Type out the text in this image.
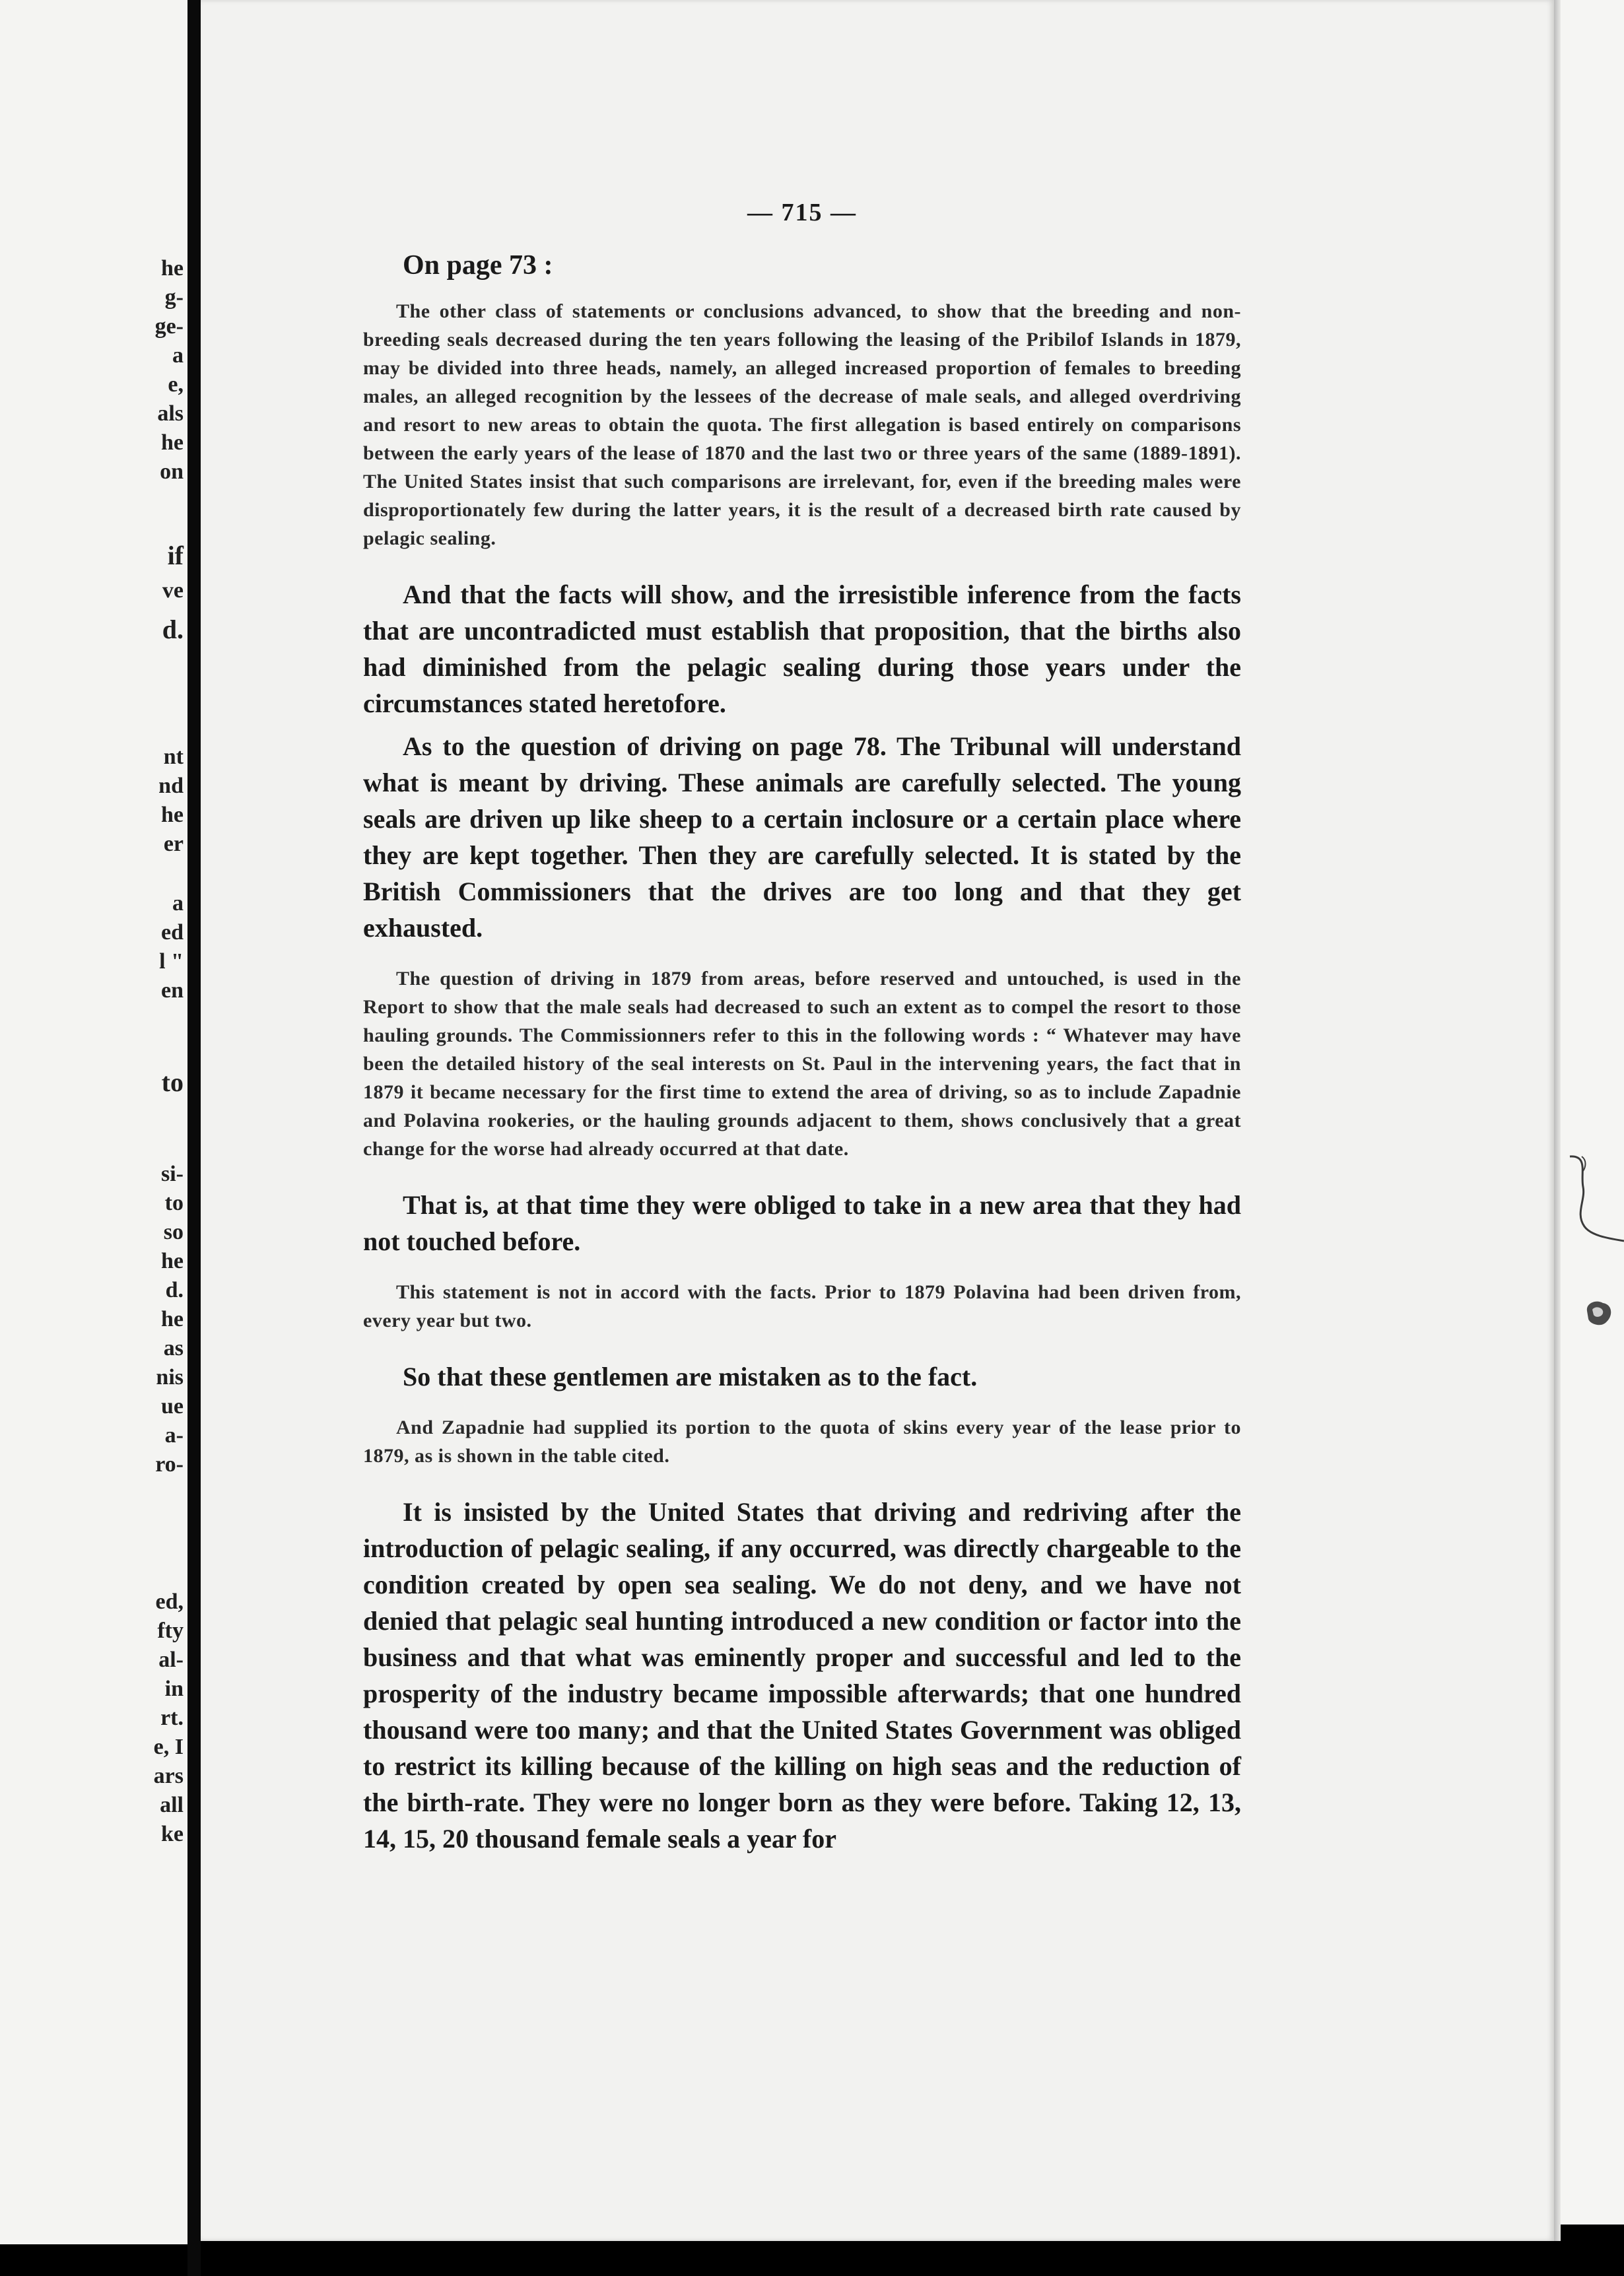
he
g-
ge-
a
e,
als
he
on
if
ve
d.
nt
nd
he
er
a
ed
l "
en
to
si-
to
so
he
d.
he
as
nis
ue
a-
ro-
ed,
fty
al-
in
rt.
e, I
ars
all
ke
— 715 —
On page 73 :

The other class of statements or conclusions advanced, to show that the breeding and non-breeding seals decreased during the ten years following the leasing of the Pribilof Islands in 1879, may be divided into three heads, namely, an alleged increased proportion of females to breeding males, an alleged recognition by the lessees of the decrease of male seals, and alleged overdriving and resort to new areas to obtain the quota. The first allegation is based entirely on comparisons between the early years of the lease of 1870 and the last two or three years of the same (1889-1891). The United States insist that such comparisons are irrelevant, for, even if the breeding males were disproportionately few during the latter years, it is the result of a decreased birth rate caused by pelagic sealing.

And that the facts will show, and the irresistible inference from the facts that are uncontradicted must establish that proposition, that the births also had diminished from the pelagic sealing during those years under the circumstances stated heretofore.

As to the question of driving on page 78. The Tribunal will understand what is meant by driving. These animals are carefully selected. The young seals are driven up like sheep to a certain inclosure or a certain place where they are kept together. Then they are carefully selected. It is stated by the British Commissioners that the drives are too long and that they get exhausted.

The question of driving in 1879 from areas, before reserved and untouched, is used in the Report to show that the male seals had decreased to such an extent as to compel the resort to those hauling grounds. The Commissionners refer to this in the following words : “ Whatever may have been the detailed history of the seal interests on St. Paul in the intervening years, the fact that in 1879 it became necessary for the first time to extend the area of driving, so as to include Zapadnie and Polavina rookeries, or the hauling grounds adjacent to them, shows conclusively that a great change for the worse had already occurred at that date.

That is, at that time they were obliged to take in a new area that they had not touched before.

This statement is not in accord with the facts. Prior to 1879 Polavina had been driven from, every year but two.

So that these gentlemen are mistaken as to the fact.

And Zapadnie had supplied its portion to the quota of skins every year of the lease prior to 1879, as is shown in the table cited.

It is insisted by the United States that driving and redriving after the introduction of pelagic sealing, if any occurred, was directly chargeable to the condition created by open sea sealing. We do not deny, and we have not denied that pelagic seal hunting introduced a new condition or factor into the business and that what was eminently proper and successful and led to the prosperity of the industry became impossible afterwards; that one hundred thousand were too many; and that the United States Government was obliged to restrict its killing because of the killing on high seas and the reduction of the birth-rate. They were no longer born as they were before. Taking 12, 13, 14, 15, 20 thousand female seals a year for
